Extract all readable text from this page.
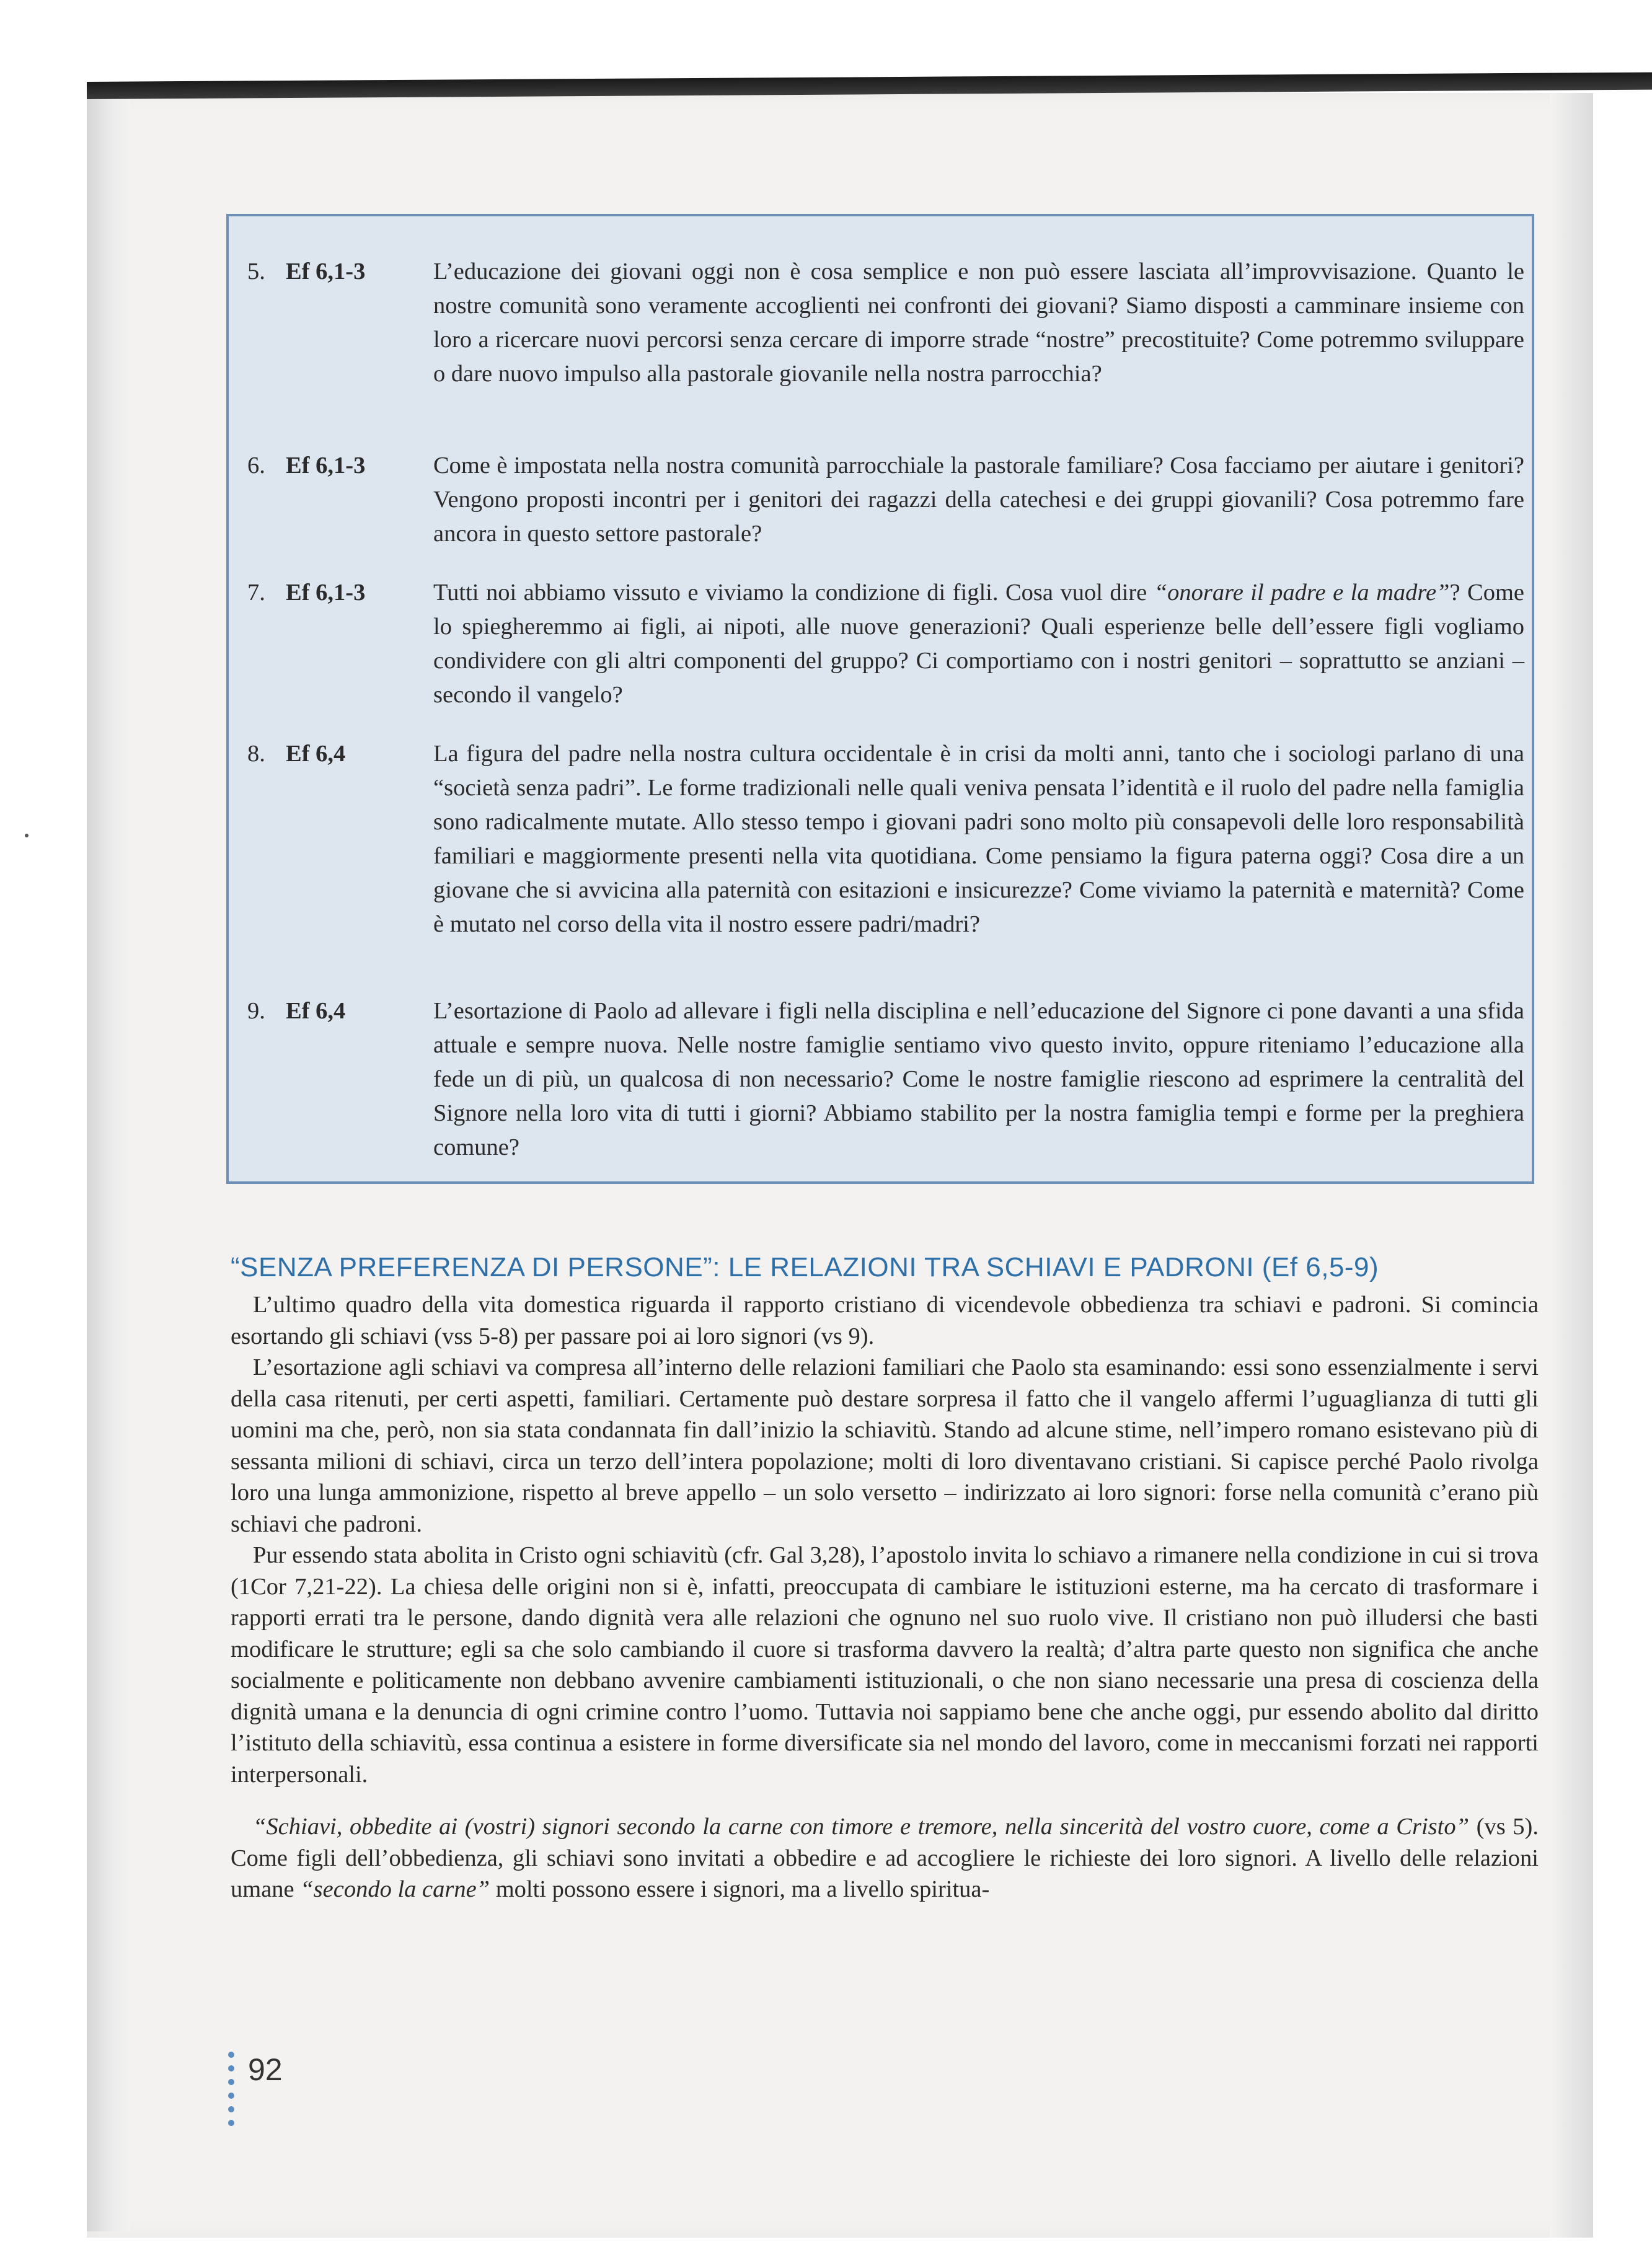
5. Ef 6,1-3	L’educazione dei giovani oggi non è cosa semplice e non può essere lasciata all’improvvisazione. Quanto le nostre comunità sono veramente accoglienti nei confronti dei giovani? Siamo disposti a camminare insieme con loro a ricercare nuovi percorsi senza cercare di imporre strade “nostre” precostituite? Come potremmo sviluppare o dare nuovo impulso alla pastorale giovanile nella nostra parrocchia?
6. Ef 6,1-3	Come è impostata nella nostra comunità parrocchiale la pastorale familiare? Cosa facciamo per aiutare i genitori? Vengono proposti incontri per i genitori dei ragazzi della catechesi e dei gruppi giovanili? Cosa potremmo fare ancora in questo settore pastorale?
7. Ef 6,1-3	Tutti noi abbiamo vissuto e viviamo la condizione di figli. Cosa vuol dire “onorare il padre e la madre”? Come lo spiegheremmo ai figli, ai nipoti, alle nuove generazioni? Quali esperienze belle dell’essere figli vogliamo condividere con gli altri componenti del gruppo? Ci comportiamo con i nostri genitori – soprattutto se anziani – secondo il vangelo?
8. Ef 6,4	La figura del padre nella nostra cultura occidentale è in crisi da molti anni, tanto che i sociologi parlano di una “società senza padri”. Le forme tradizionali nelle quali veniva pensata l’identità e il ruolo del padre nella famiglia sono radicalmente mutate. Allo stesso tempo i giovani padri sono molto più consapevoli delle loro responsabilità familiari e maggiormente presenti nella vita quotidiana. Come pensiamo la figura paterna oggi? Cosa dire a un giovane che si avvicina alla paternità con esitazioni e insicurezze? Come viviamo la paternità e maternità? Come è mutato nel corso della vita il nostro essere padri/madri?
9. Ef 6,4	L’esortazione di Paolo ad allevare i figli nella disciplina e nell’educazione del Signore ci pone davanti a una sfida attuale e sempre nuova. Nelle nostre famiglie sentiamo vivo questo invito, oppure riteniamo l’educazione alla fede un di più, un qualcosa di non necessario? Come le nostre famiglie riescono ad esprimere la centralità del Signore nella loro vita di tutti i giorni? Abbiamo stabilito per la nostra famiglia tempi e forme per la preghiera comune?
“SENZA PREFERENZA DI PERSONE”: LE RELAZIONI TRA SCHIAVI E PADRONI (Ef 6,5-9)

L’ultimo quadro della vita domestica riguarda il rapporto cristiano di vicendevole obbedienza tra schiavi e padroni. Si comincia esortando gli schiavi (vss 5-8) per passare poi ai loro signori (vs 9).

L’esortazione agli schiavi va compresa all’interno delle relazioni familiari che Paolo sta esaminando: essi sono essenzialmente i servi della casa ritenuti, per certi aspetti, familiari. Certamente può destare sorpresa il fatto che il vangelo affermi l’uguaglianza di tutti gli uomini ma che, però, non sia stata condannata fin dall’inizio la schiavitù. Stando ad alcune stime, nell’impero romano esistevano più di sessanta milioni di schiavi, circa un terzo dell’intera popolazione; molti di loro diventavano cristiani. Si capisce perché Paolo rivolga loro una lunga ammonizione, rispetto al breve appello – un solo versetto – indirizzato ai loro signori: forse nella comunità c’erano più schiavi che padroni.

Pur essendo stata abolita in Cristo ogni schiavitù (cfr. Gal 3,28), l’apostolo invita lo schiavo a rimanere nella condizione in cui si trova (1Cor 7,21-22). La chiesa delle origini non si è, infatti, preoccupata di cambiare le istituzioni esterne, ma ha cercato di trasformare i rapporti errati tra le persone, dando dignità vera alle relazioni che ognuno nel suo ruolo vive. Il cristiano non può illudersi che basti modificare le strutture; egli sa che solo cambiando il cuore si trasforma davvero la realtà; d’altra parte questo non significa che anche socialmente e politicamente non debbano avvenire cambiamenti istituzionali, o che non siano necessarie una presa di coscienza della dignità umana e la denuncia di ogni crimine contro l’uomo. Tuttavia noi sappiamo bene che anche oggi, pur essendo abolito dal diritto l’istituto della schiavitù, essa continua a esistere in forme diversificate sia nel mondo del lavoro, come in meccanismi forzati nei rapporti interpersonali.

“Schiavi, obbedite ai (vostri) signori secondo la carne con timore e tremore, nella sincerità del vostro cuore, come a Cristo” (vs 5). Come figli dell’obbedienza, gli schiavi sono invitati a obbedire e ad accogliere le richieste dei loro signori. A livello delle relazioni umane “secondo la carne” molti possono essere i signori, ma a livello spiritua-

92
